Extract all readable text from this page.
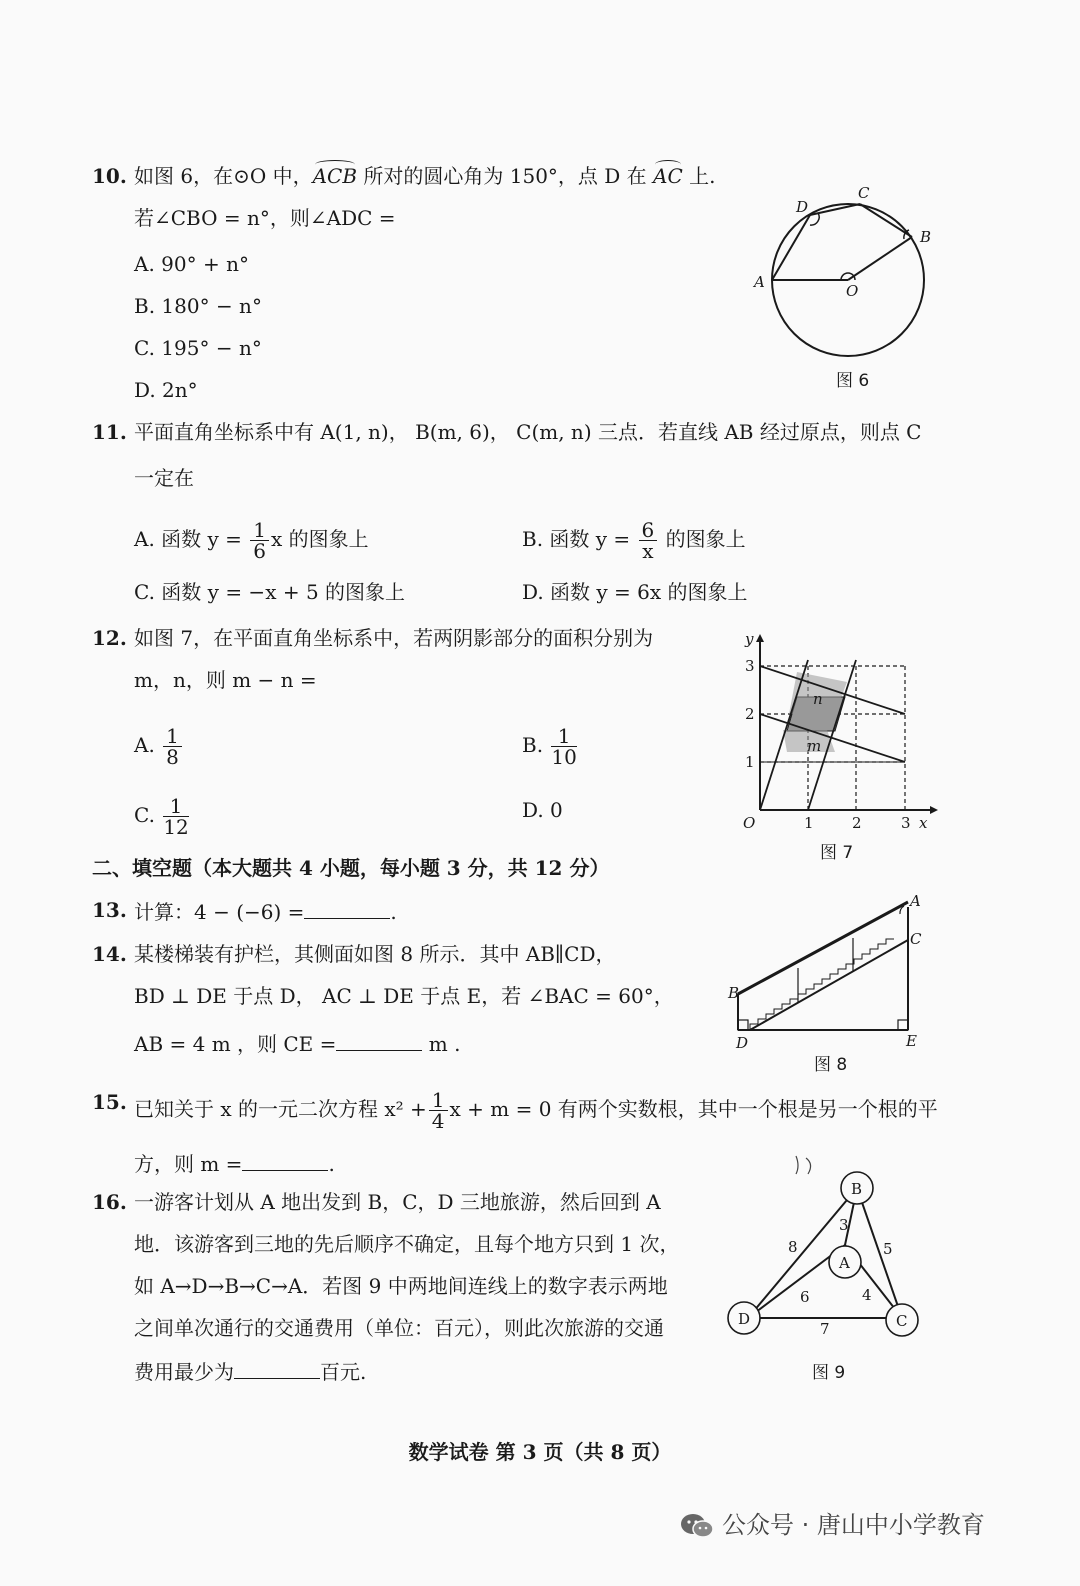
10. 如图 6，在⊙O 中，
ACB 所对的圆心角为 150°，点 D 在
AC 上.
若∠CBO = n°，则∠ADC =
A. 90° + n°
B. 180° − n°
C. 195° − n°
D. 2n°
D
C
B
A	O
图 6
11. 平面直角坐标系中有 A(1, n)， B(m, 6)， C(m, n) 三点．若直线 AB 经过原点，则点 C
一定在
A. 函数 $y = \frac{1}{6}$ x 的图象上	B. 函数 $y = \frac{6}{x}$ 的图象上
C. 函数 y = −x + 5 的图象上	D. 函数 y = 6x 的图象上
12. 如图 7，在平面直角坐标系中，若两阴影部分的面积分别为
m，n，则 m − n =
A. $\frac{1}{8}$	B. $\frac{1}{10}$
C. $\frac{1}{12}$	D. 0
m
n
y
x
O	1	2	3
1
2
3
图 7
二、填空题（本大题共 4 小题，每小题 3 分，共 12 分）
13. 计算：4 − (−6) =	.
14. 某楼梯装有护栏，其侧面如图 8 所示．其中 AB∥CD，
BD ⊥ DE 于点 D， AC ⊥ DE 于点 E，若 ∠BAC = 60°，
AB = 4 m ，则 CE =	m .
A
C
B
D	E
图 8
15. 已知关于 x 的一元二次方程 $x^2 + \frac{1}{4}$ x + m = 0 有两个实数根，其中一个根是另一个根的平
方，则 m =	.
16. 一游客计划从 A 地出发到 B，C，D 三地旅游，然后回到 A
地．该游客到三地的先后顺序不确定，且每个地方只到 1 次，
如 A→D→B→C→A．若图 9 中两地间连线上的数字表示两地
之间单次通行的交通费用（单位：百元），则此次旅游的交通
费用最少为	百元.
B
A
D	C
3
8	5
6	4
7
图 9
数学试卷 第 3 页（共 8 页）
公众号 · 唐山中小学教育
